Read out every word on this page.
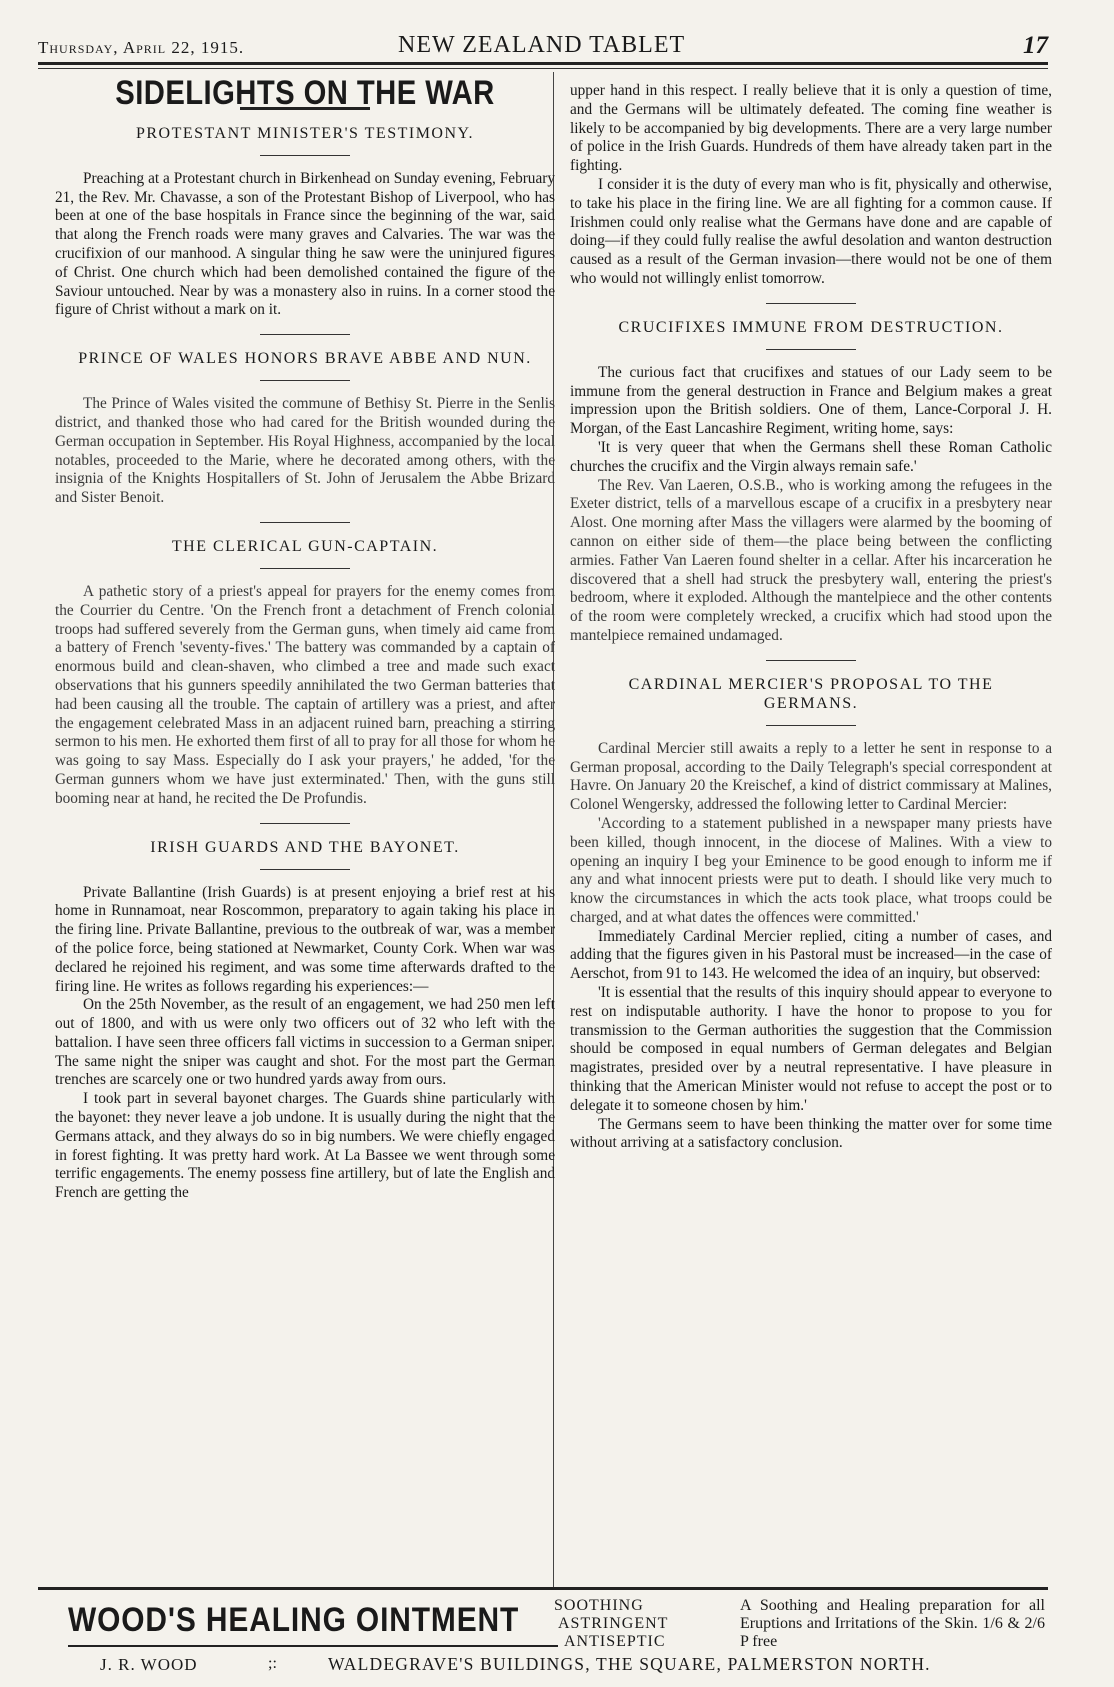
Thursday, April 22, 1915.	NEW ZEALAND TABLET	17
SIDELIGHTS ON THE WAR
PROTESTANT MINISTER'S TESTIMONY.

Preaching at a Protestant church in Birkenhead on Sunday evening, February 21, the Rev. Mr. Chavasse, a son of the Protestant Bishop of Liverpool, who has been at one of the base hospitals in France since the beginning of the war, said that along the French roads were many graves and Calvaries. The war was the crucifixion of our manhood. A singular thing he saw were the uninjured figures of Christ. One church which had been demolished contained the figure of the Saviour untouched. Near by was a monastery also in ruins. In a corner stood the figure of Christ without a mark on it.

PRINCE OF WALES HONORS BRAVE ABBE AND NUN.

The Prince of Wales visited the commune of Bethisy St. Pierre in the Senlis district, and thanked those who had cared for the British wounded during the German occupation in September. His Royal Highness, accompanied by the local notables, proceeded to the Marie, where he decorated among others, with the insignia of the Knights Hospitallers of St. John of Jerusalem the Abbe Brizard and Sister Benoit.

THE CLERICAL GUN-CAPTAIN.

A pathetic story of a priest's appeal for prayers for the enemy comes from the Courrier du Centre. 'On the French front a detachment of French colonial troops had suffered severely from the German guns, when timely aid came from a battery of French 'seventy-fives.' The battery was commanded by a captain of enormous build and clean-shaven, who climbed a tree and made such exact observations that his gunners speedily annihilated the two German batteries that had been causing all the trouble. The captain of artillery was a priest, and after the engagement celebrated Mass in an adjacent ruined barn, preaching a stirring sermon to his men. He exhorted them first of all to pray for all those for whom he was going to say Mass. Especially do I ask your prayers,' he added, 'for the German gunners whom we have just exterminated.' Then, with the guns still booming near at hand, he recited the De Profundis.

IRISH GUARDS AND THE BAYONET.

Private Ballantine (Irish Guards) is at present enjoying a brief rest at his home in Runnamoat, near Roscommon, preparatory to again taking his place in the firing line. Private Ballantine, previous to the outbreak of war, was a member of the police force, being stationed at Newmarket, County Cork. When war was declared he rejoined his regiment, and was some time afterwards drafted to the firing line. He writes as follows regarding his experiences:—

On the 25th November, as the result of an engagement, we had 250 men left out of 1800, and with us were only two officers out of 32 who left with the battalion. I have seen three officers fall victims in succession to a German sniper. The same night the sniper was caught and shot. For the most part the German trenches are scarcely one or two hundred yards away from ours.

I took part in several bayonet charges. The Guards shine particularly with the bayonet: they never leave a job undone. It is usually during the night that the Germans attack, and they always do so in big numbers. We were chiefly engaged in forest fighting. It was pretty hard work. At La Bassee we went through some terrific engagements. The enemy possess fine artillery, but of late the English and French are getting the

upper hand in this respect. I really believe that it is only a question of time, and the Germans will be ultimately defeated. The coming fine weather is likely to be accompanied by big developments. There are a very large number of police in the Irish Guards. Hundreds of them have already taken part in the fighting.

I consider it is the duty of every man who is fit, physically and otherwise, to take his place in the firing line. We are all fighting for a common cause. If Irishmen could only realise what the Germans have done and are capable of doing—if they could fully realise the awful desolation and wanton destruction caused as a result of the German invasion—there would not be one of them who would not willingly enlist tomorrow.

CRUCIFIXES IMMUNE FROM DESTRUCTION.

The curious fact that crucifixes and statues of our Lady seem to be immune from the general destruction in France and Belgium makes a great impression upon the British soldiers. One of them, Lance-Corporal J. H. Morgan, of the East Lancashire Regiment, writing home, says:

'It is very queer that when the Germans shell these Roman Catholic churches the crucifix and the Virgin always remain safe.'

The Rev. Van Laeren, O.S.B., who is working among the refugees in the Exeter district, tells of a marvellous escape of a crucifix in a presbytery near Alost. One morning after Mass the villagers were alarmed by the booming of cannon on either side of them—the place being between the conflicting armies. Father Van Laeren found shelter in a cellar. After his incarceration he discovered that a shell had struck the presbytery wall, entering the priest's bedroom, where it exploded. Although the mantelpiece and the other contents of the room were completely wrecked, a crucifix which had stood upon the mantelpiece remained undamaged.

CARDINAL MERCIER'S PROPOSAL TO THE GERMANS.

Cardinal Mercier still awaits a reply to a letter he sent in response to a German proposal, according to the Daily Telegraph's special correspondent at Havre. On January 20 the Kreischef, a kind of district commissary at Malines, Colonel Wengersky, addressed the following letter to Cardinal Mercier:

'According to a statement published in a newspaper many priests have been killed, though innocent, in the diocese of Malines. With a view to opening an inquiry I beg your Eminence to be good enough to inform me if any and what innocent priests were put to death. I should like very much to know the circumstances in which the acts took place, what troops could be charged, and at what dates the offences were committed.'

Immediately Cardinal Mercier replied, citing a number of cases, and adding that the figures given in his Pastoral must be increased—in the case of Aerschot, from 91 to 143. He welcomed the idea of an inquiry, but observed:

'It is essential that the results of this inquiry should appear to everyone to rest on indisputable authority. I have the honor to propose to you for transmission to the German authorities the suggestion that the Commission should be composed in equal numbers of German delegates and Belgian magistrates, presided over by a neutral representative. I have pleasure in thinking that the American Minister would not refuse to accept the post or to delegate it to someone chosen by him.'

The Germans seem to have been thinking the matter over for some time without arriving at a satisfactory conclusion.

WOOD'S HEALING OINTMENT SOOTHING
ASTRINGENT
ANTISEPTIC
A Soothing and Healing preparation for all Eruptions and Irritations of the Skin. 1/6 & 2/6 P free
J. R. WOOD	;:	WALDEGRAVE'S BUILDINGS, THE SQUARE, PALMERSTON NORTH.
